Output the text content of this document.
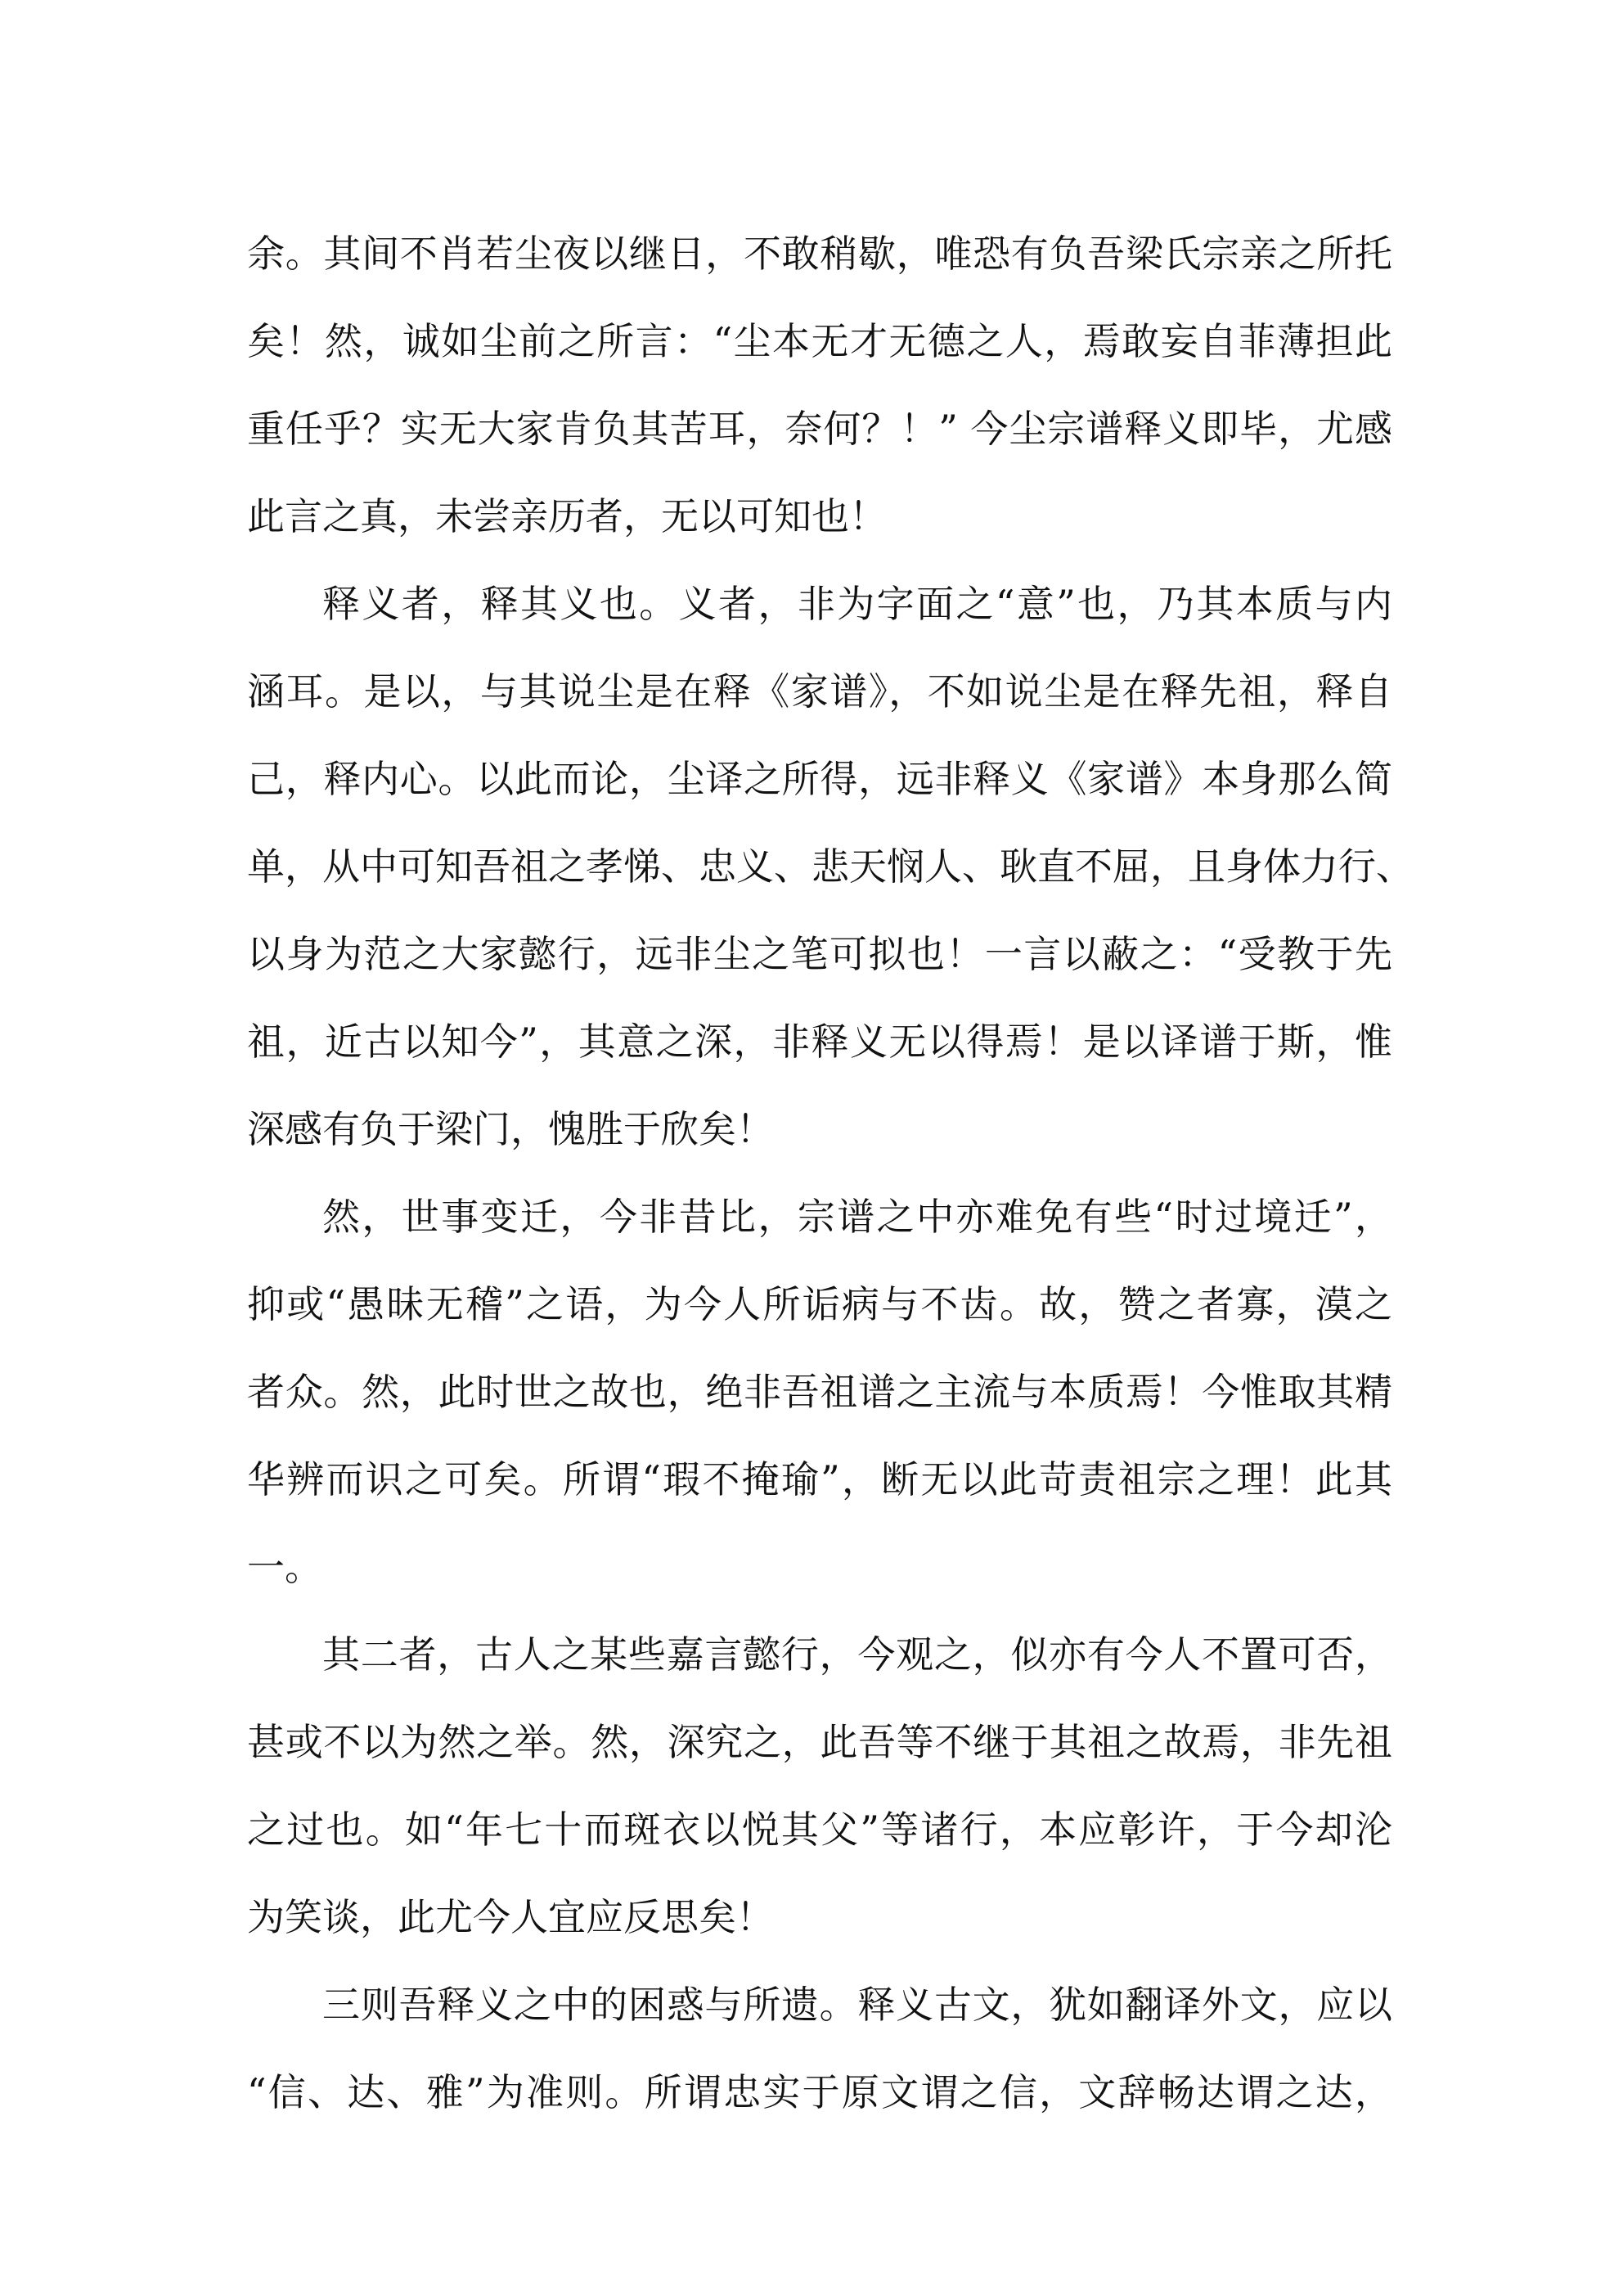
余。其间不肖若尘夜以继日，不敢稍歇，唯恐有负吾梁氏宗亲之所托
矣！然，诚如尘前之所言：“尘本无才无德之人，焉敢妄自菲薄担此
重任乎？实无大家肯负其苦耳，奈何？！” 今尘宗谱释义即毕，尤感
此言之真，未尝亲历者，无以可知也！
释义者，释其义也。义者，非为字面之“意”也，乃其本质与内
涵耳。是以，与其说尘是在释《家谱》，不如说尘是在释先祖，释自
己，释内心。以此而论，尘译之所得，远非释义《家谱》本身那么简
单，从中可知吾祖之孝悌、忠义、悲天悯人、耿直不屈，且身体力行、
以身为范之大家懿行，远非尘之笔可拟也！一言以蔽之：“受教于先
祖，近古以知今”，其意之深，非释义无以得焉！是以译谱于斯，惟
深感有负于梁门，愧胜于欣矣！
然，世事变迁，今非昔比，宗谱之中亦难免有些“时过境迁”，
抑或“愚昧无稽”之语，为今人所诟病与不齿。故，赞之者寡，漠之
者众。然，此时世之故也，绝非吾祖谱之主流与本质焉！今惟取其精
华辨而识之可矣。所谓“瑕不掩瑜”，断无以此苛责祖宗之理！此其
一。
其二者，古人之某些嘉言懿行，今观之，似亦有今人不置可否，
甚或不以为然之举。然，深究之，此吾等不继于其祖之故焉，非先祖
之过也。如“年七十而斑衣以悦其父”等诸行，本应彰许，于今却沦
为笑谈，此尤今人宜应反思矣！
三则吾释义之中的困惑与所遗。释义古文，犹如翻译外文，应以
“信、达、雅”为准则。所谓忠实于原文谓之信，文辞畅达谓之达，
